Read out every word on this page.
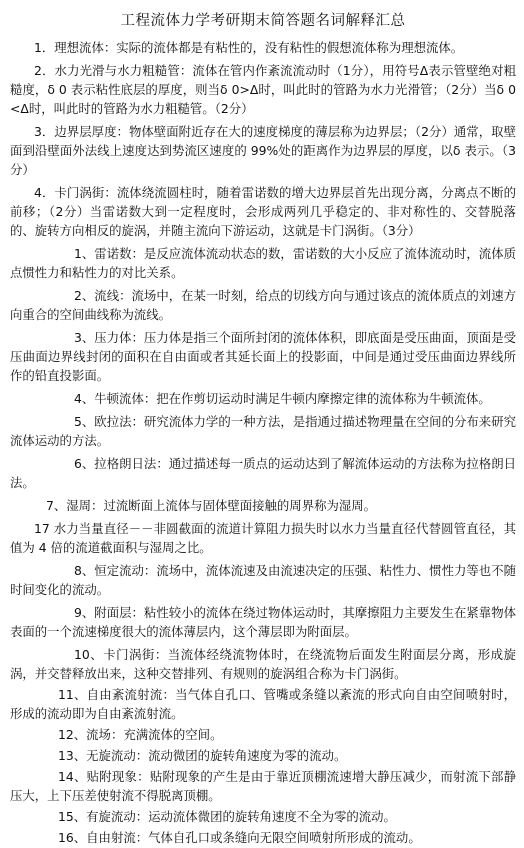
工程流体力学考研期末简答题名词解释汇总

1．理想流体：实际的流体都是有粘性的，没有粘性的假想流体称为理想流体。

2．水力光滑与水力粗糙管：流体在管内作紊流流动时（1分），用符号Δ表示管壁绝对粗糙度，δ 0 表示粘性底层的厚度，则当δ 0>Δ时，叫此时的管路为水力光滑管；（2分）当δ 0<Δ时，叫此时的管路为水力粗糙管。（2分）

3．边界层厚度：物体壁面附近存在大的速度梯度的薄层称为边界层；（2分）通常，取壁面到沿壁面外法线上速度达到势流区速度的 99%处的距离作为边界层的厚度，以δ 表示。（3分）

4．卡门涡街：流体绕流圆柱时，随着雷诺数的增大边界层首先出现分离，分离点不断的前移；（2分）当雷诺数大到一定程度时，会形成两列几乎稳定的、非对称性的、交替脱落的、旋转方向相反的旋涡，并随主流向下游运动，这就是卡门涡街。（3分）

1、雷诺数：是反应流体流动状态的数，雷诺数的大小反应了流体流动时，流体质点惯性力和粘性力的对比关系。

2、流线：流场中，在某一时刻，给点的切线方向与通过该点的流体质点的刘速方向重合的空间曲线称为流线。

3、压力体：压力体是指三个面所封闭的流体体积，即底面是受压曲面，顶面是受压曲面边界线封闭的面积在自由面或者其延长面上的投影面，中间是通过受压曲面边界线所作的铅直投影面。

4、牛顿流体：把在作剪切运动时满足牛顿内摩擦定律的流体称为牛顿流体。

5、欧拉法：研究流体力学的一种方法，是指通过描述物理量在空间的分布来研究流体运动的方法。

6、拉格朗日法：通过描述每一质点的运动达到了解流体运动的方法称为拉格朗日法。

7、湿周：过流断面上流体与固体壁面接触的周界称为湿周。

17 水力当量直径－－非圆截面的流道计算阻力损失时以水力当量直径代替圆管直径，其值为 4 倍的流道截面积与湿周之比。

8、恒定流动：流场中，流体流速及由流速决定的压强、粘性力、惯性力等也不随时间变化的流动。

9、附面层：粘性较小的流体在绕过物体运动时，其摩擦阻力主要发生在紧靠物体表面的一个流速梯度很大的流体薄层内，这个薄层即为附面层。

10、卡门涡街：当流体经绕流物体时，在绕流物后面发生附面层分离，形成旋涡，并交替释放出来，这种交替排列、有规则的旋涡组合称为卡门涡街。

11、自由紊流射流：当气体自孔口、管嘴或条缝以紊流的形式向自由空间喷射时，形成的流动即为自由紊流射流。

12、流场：充满流体的空间。

13、无旋流动：流动微团的旋转角速度为零的流动。

14、贴附现象：贴附现象的产生是由于靠近顶棚流速增大静压减少，而射流下部静压大，上下压差使射流不得脱离顶棚。

15、有旋流动：运动流体微团的旋转角速度不全为零的流动。

16、自由射流：气体自孔口或条缝向无限空间喷射所形成的流动。
